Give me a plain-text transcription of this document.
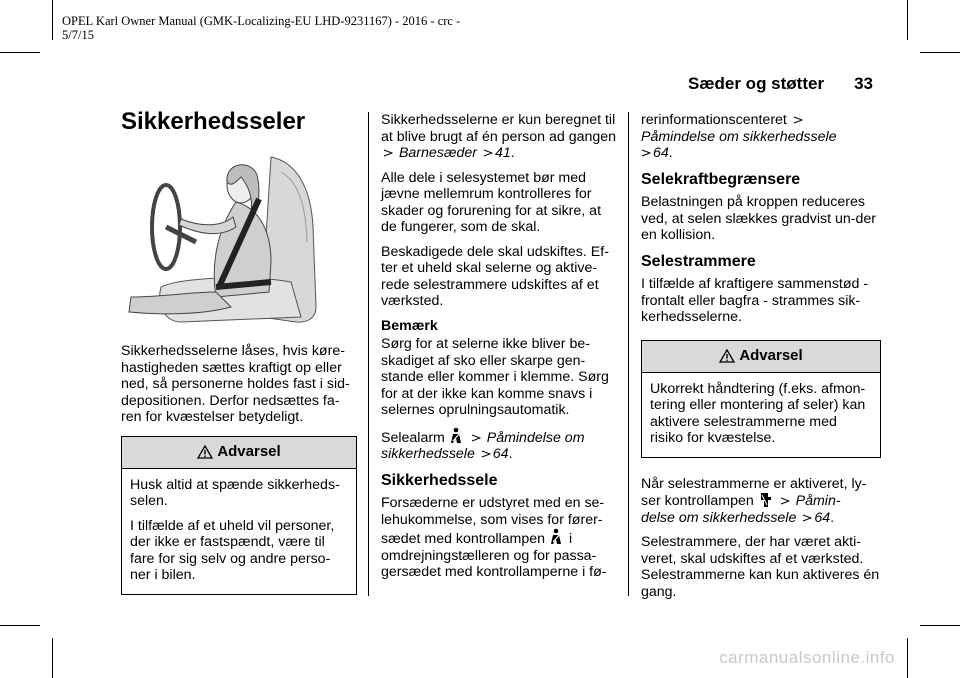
OPEL Karl Owner Manual (GMK-Localizing-EU LHD-9231167) - 2016 - crc -
5/7/15
Sæder og støtter 33
Sikkerhedsseler

Sikkerhedsselerne låses, hvis køre-hastigheden sættes kraftigt op eller ned, så personerne holdes fast i sid-depositionen. Derfor nedsættes fa-ren for kvæstelser betydeligt.

Advarsel

Husk altid at spænde sikkerheds-selen.

I tilfælde af et uheld vil personer, der ikke er fastspændt, være til fare for sig selv og andre perso-ner i bilen.

Sikkerhedsselerne er kun beregnet til at blive brugt af én person ad gangen  Barnesæder 41.

Alle dele i selesystemet bør med jævne mellemrum kontrolleres for skader og forurening for at sikre, at de fungerer, som de skal.

Beskadigede dele skal udskiftes. Ef-ter et uheld skal selerne og aktive-rede selestrammere udskiftes af et værksted.

Bemærk

Sørg for at selerne ikke bliver be-skadiget af sko eller skarpe gen-stande eller kommer i klemme. Sørg for at der ikke kan komme snavs i selernes oprulningsautomatik.

Selealarm	Påmindelse om
sikkerhedssele 64.

Sikkerhedssele

Forsæderne er udstyret med en se-lehukommelse, som vises for fører-
sædet med kontrollampen i
omdrejningstælleren og for passa-gersædet med kontrollamperne i fø-

rerinformationscenteret
Påmindelse om sikkerhedssele
64.

Selekraftbegrænsere

Belastningen på kroppen reduceres ved, at selen slækkes gradvist un-der en kollision.

Selestrammere

I tilfælde af kraftigere sammenstød - frontalt eller bagfra - strammes sik-kerhedsselerne.

Advarsel

Ukorrekt håndtering (f.eks. afmon-tering eller montering af seler) kan aktivere selestrammerne med risiko for kvæstelse.

Når selestrammerne er aktiveret, ly-
ser kontrollampen	Påmin-
delse om sikkerhedssele 64.

Selestrammere, der har været akti-veret, skal udskiftes af et værksted. Selestrammerne kan kun aktiveres én gang.

carmanualsonline.info
